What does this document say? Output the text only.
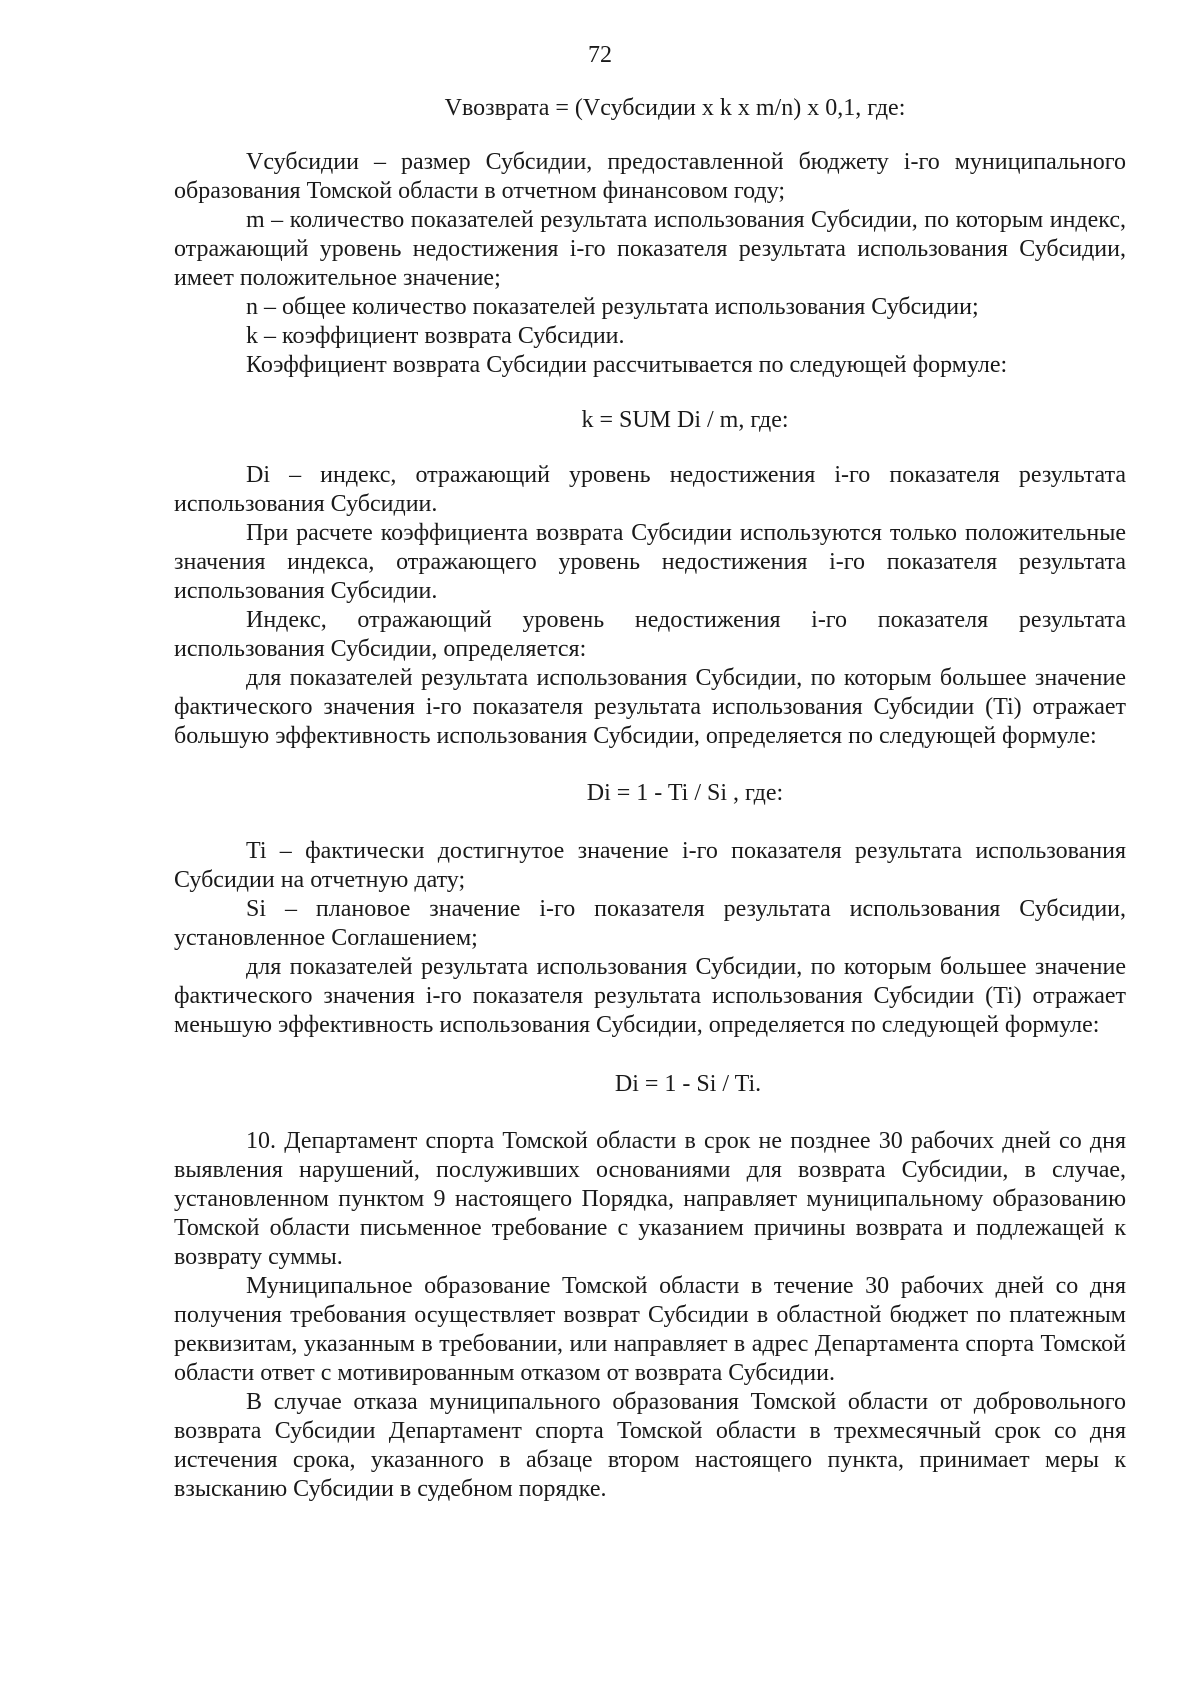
72
Vвозврата = (Vсубсидии x k x m/n) x 0,1, где:

Vсубсидии – размер Субсидии, предоставленной бюджету i-го муниципального образования Томской области в отчетном финансовом году;

m – количество показателей результата использования Субсидии, по которым индекс, отражающий уровень недостижения i-го показателя результата использования Субсидии, имеет положительное значение;

n – общее количество показателей результата использования Субсидии;

k – коэффициент возврата Субсидии.

Коэффициент возврата Субсидии рассчитывается по следующей формуле:

k = SUM Di / m, где:

Di – индекс, отражающий уровень недостижения i-го показателя результата использования Субсидии.

При расчете коэффициента возврата Субсидии используются только положительные значения индекса, отражающего уровень недостижения i-го показателя результата использования Субсидии.

Индекс, отражающий уровень недостижения i-го показателя результата использования Субсидии, определяется:

для показателей результата использования Субсидии, по которым большее значение фактического значения i-го показателя результата использования Субсидии (Ti) отражает большую эффективность использования Субсидии, определяется по следующей формуле:

Di = 1 - Ti / Si , где:

Ti – фактически достигнутое значение i-го показателя результата использования Субсидии на отчетную дату;

Si – плановое значение i-го показателя результата использования Субсидии, установленное Соглашением;

для показателей результата использования Субсидии, по которым большее значение фактического значения i-го показателя результата использования Субсидии (Ti) отражает меньшую эффективность использования Субсидии, определяется по следующей формуле:

Di = 1 - Si / Ti.

10. Департамент спорта Томской области в срок не позднее 30 рабочих дней со дня выявления нарушений, послуживших основаниями для возврата Субсидии, в случае, установленном пунктом 9 настоящего Порядка, направляет муниципальному образованию Томской области письменное требование с указанием причины возврата и подлежащей к возврату суммы.

Муниципальное образование Томской области в течение 30 рабочих дней со дня получения требования осуществляет возврат Субсидии в областной бюджет по платежным реквизитам, указанным в требовании, или направляет в адрес Департамента спорта Томской области ответ с мотивированным отказом от возврата Субсидии.

В случае отказа муниципального образования Томской области от добровольного возврата Субсидии Департамент спорта Томской области в трехмесячный срок со дня истечения срока, указанного в абзаце втором настоящего пункта, принимает меры к взысканию Субсидии в судебном порядке.
